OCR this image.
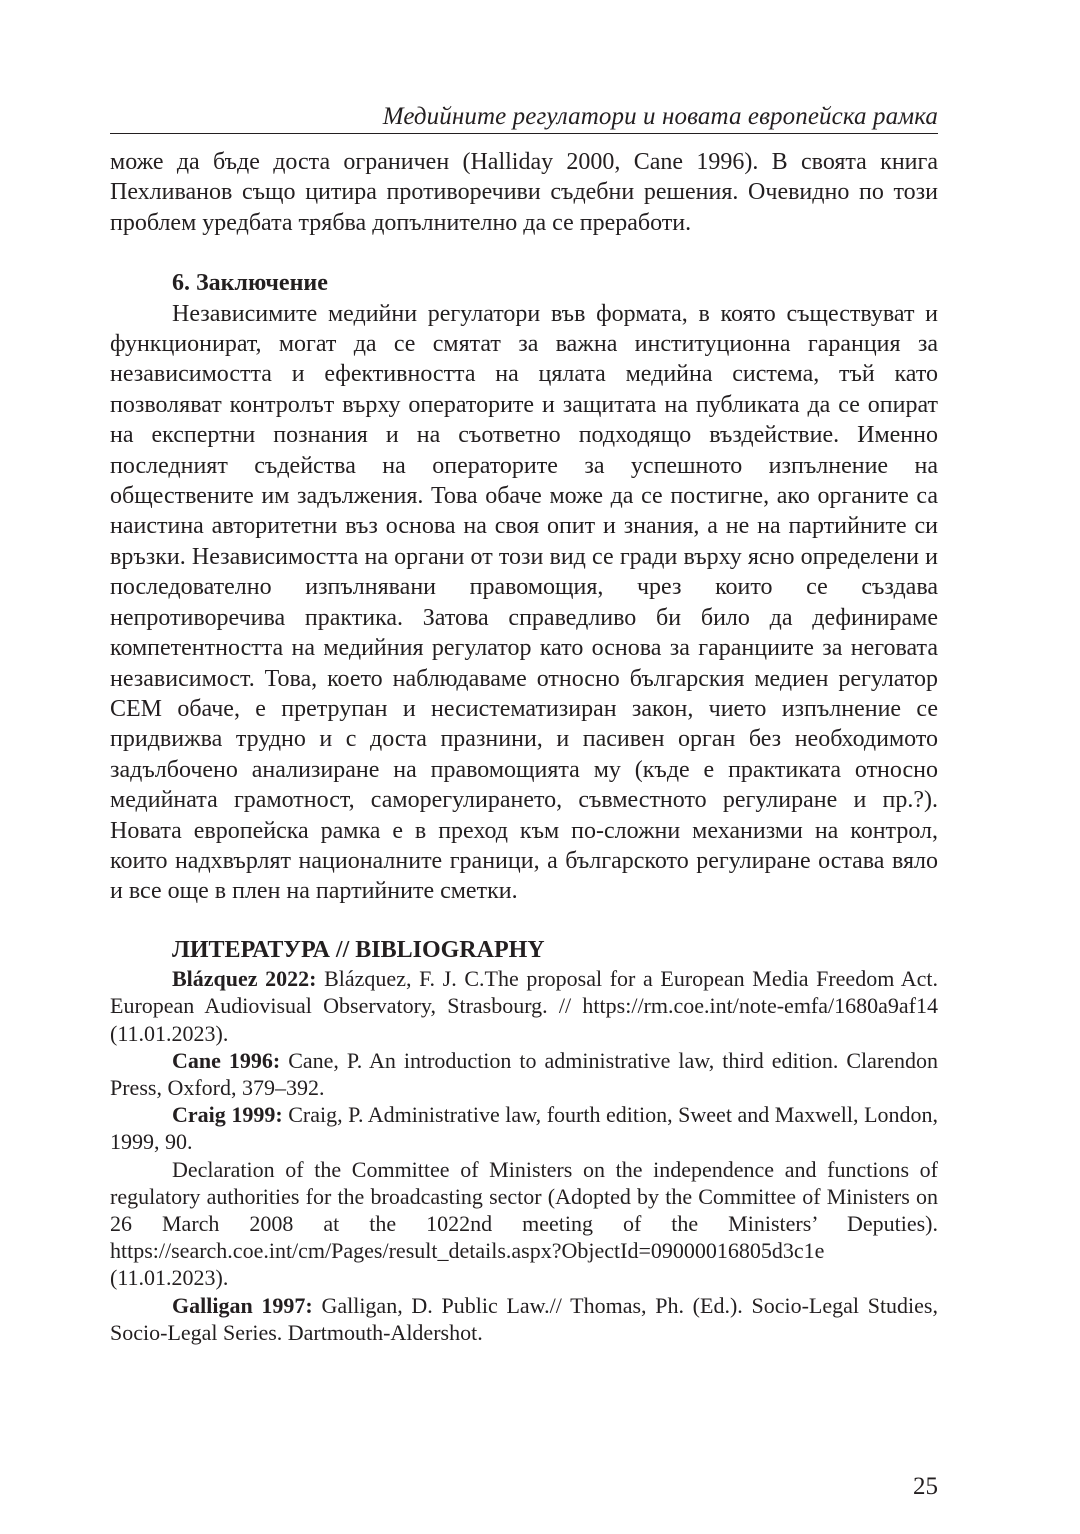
Медийните регулатори и новата европейска рамка

може да бъде доста ограничен (Halliday 2000, Cane 1996). В своята книга Пехливанов също цитира противоречиви съдебни решения. Очевидно по този проблем уредбата трябва допълнително да се преработи.

6. Заключение

Независимите медийни регулатори във формата, в която съществуват и функционират, могат да се смятат за важна институционна гаранция за независимостта и ефективността на цялата медийна система, тъй като позволяват контролът върху операторите и защитата на публиката да се опират на експертни познания и на съответно подходящо въздействие. Именно последният съдейства на операторите за успешното изпълнение на обществените им задължения. Това обаче може да се постигне, ако органите са наистина авторитетни въз основа на своя опит и знания, а не на партийните си връзки. Независимостта на органи от този вид се гради върху ясно определени и последователно изпълнявани правомощия, чрез които се създава непротиворечива практика. Затова справедливо би било да дефинираме компетентността на медийния регулатор като основа за гаранциите за неговата независимост. Това, което наблюдаваме относно българския медиен регулатор СЕМ обаче, е претрупан и несистематизиран закон, чието изпълнение се придвижва трудно и с доста празнини, и пасивен орган без необходимото задълбочено анализиране на правомощията му (къде е практиката относно медийната грамотност, саморегулирането, съвместното регулиране и пр.?). Новата европейска рамка е в преход към по-сложни механизми на контрол, които надхвърлят националните граници, а българското регулиране остава вяло и все още в плен на партийните сметки.

ЛИТЕРАТУРА // BIBLIOGRAPHY

Blázquez 2022: Blázquez, F. J. C.The proposal for a European Media Freedom Act. European Audiovisual Observatory, Strasbourg. // https://rm.coe.int/note-emfa/1680a9af14 (11.01.2023).

Cane 1996: Cane, P. An introduction to administrative law, third edition. Clarendon Press, Oxford, 379–392.

Craig 1999: Craig, P. Administrative law, fourth edition, Sweet and Maxwell, London, 1999, 90.

Declaration of the Committee of Ministers on the independence and functions of regulatory authorities for the broadcasting sector (Adopted by the Committee of Ministers on 26 March 2008 at the 1022nd meeting of the Ministers’ Deputies). https://search.coe.int/cm/Pages/result_details.aspx?ObjectId=09000016805d3c1e (11.01.2023).

Galligan 1997: Galligan, D. Public Law.// Thomas, Ph. (Ed.). Socio-Legal Studies, Socio-Legal Series. Dartmouth-Aldershot.

25
